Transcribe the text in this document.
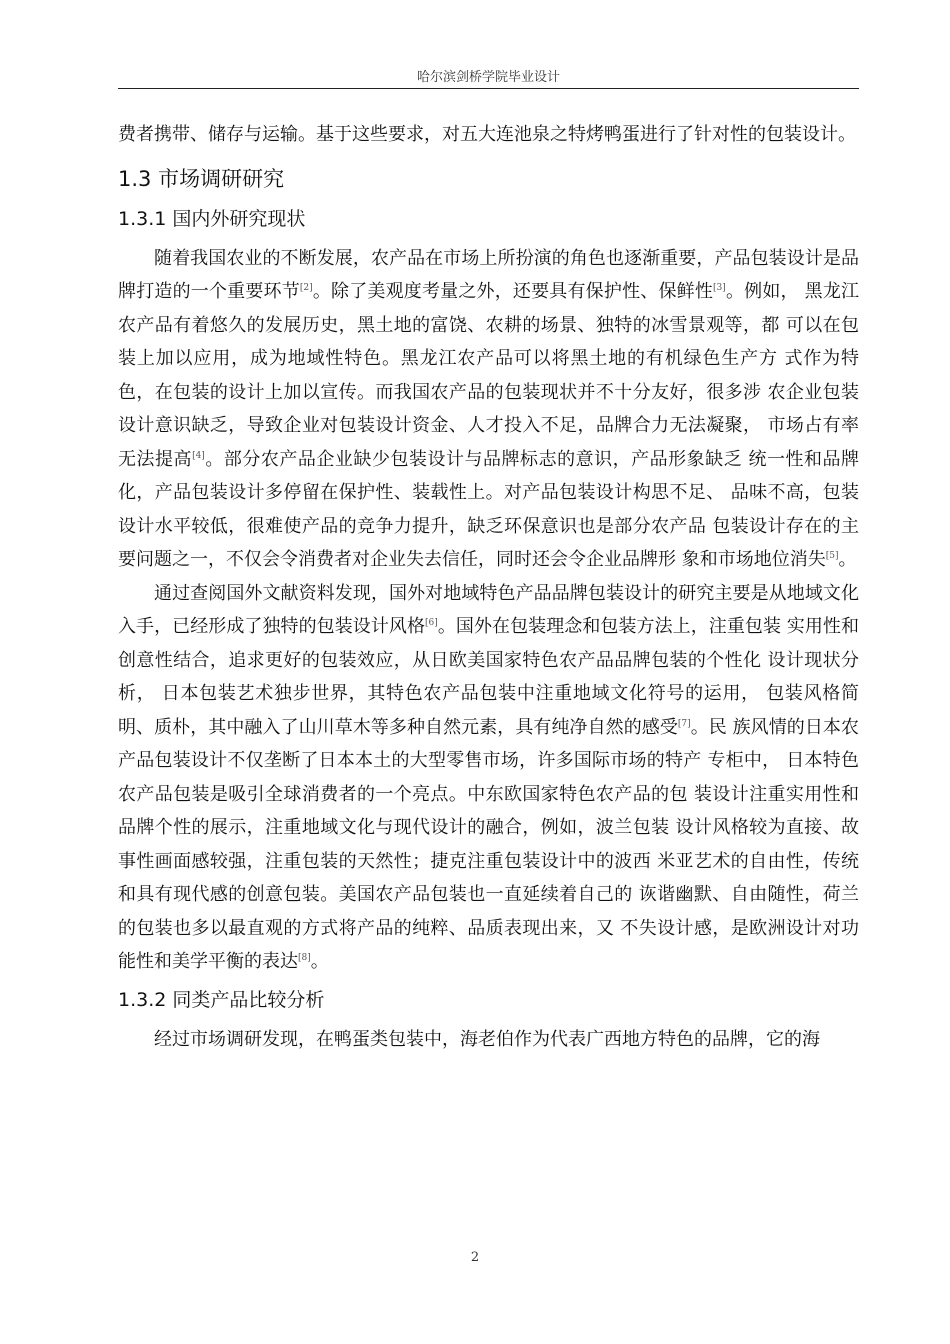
哈尔滨剑桥学院毕业设计

费者携带、储存与运输。基于这些要求，对五大连池泉之特烤鸭蛋进行了针对性的包装设计。

1.3 市场调研研究
1.3.1 国内外研究现状

随着我国农业的不断发展，农产品在市场上所扮演的角色也逐渐重要，产品包装设计是品牌打造的一个重要环节[2]。除了美观度考量之外，还要具有保护性、保鲜性[3]。例如， 黑龙江农产品有着悠久的发展历史，黑土地的富饶、农耕的场景、独特的冰雪景观等，都 可以在包装上加以应用，成为地域性特色。黑龙江农产品可以将黑土地的有机绿色生产方 式作为特色，在包装的设计上加以宣传。而我国农产品的包装现状并不十分友好，很多涉 农企业包装设计意识缺乏，导致企业对包装设计资金、人才投入不足，品牌合力无法凝聚， 市场占有率无法提高[4]。部分农产品企业缺少包装设计与品牌标志的意识，产品形象缺乏 统一性和品牌化，产品包装设计多停留在保护性、装载性上。对产品包装设计构思不足、 品味不高，包装设计水平较低，很难使产品的竞争力提升，缺乏环保意识也是部分农产品 包装设计存在的主要问题之一，不仅会令消费者对企业失去信任，同时还会令企业品牌形 象和市场地位消失[5]。

通过查阅国外文献资料发现，国外对地域特色产品品牌包装设计的研究主要是从地域文化入手，已经形成了独特的包装设计风格[6]。国外在包装理念和包装方法上，注重包装 实用性和创意性结合，追求更好的包装效应，从日欧美国家特色农产品品牌包装的个性化 设计现状分析， 日本包装艺术独步世界，其特色农产品包装中注重地域文化符号的运用， 包装风格简明、质朴，其中融入了山川草木等多种自然元素，具有纯净自然的感受[7]。民 族风情的日本农产品包装设计不仅垄断了日本本土的大型零售市场，许多国际市场的特产 专柜中， 日本特色农产品包装是吸引全球消费者的一个亮点。中东欧国家特色农产品的包 装设计注重实用性和品牌个性的展示，注重地域文化与现代设计的融合，例如，波兰包装 设计风格较为直接、故事性画面感较强，注重包装的天然性；捷克注重包装设计中的波西 米亚艺术的自由性，传统和具有现代感的创意包装。美国农产品包装也一直延续着自己的 诙谐幽默、自由随性，荷兰的包装也多以最直观的方式将产品的纯粹、品质表现出来，又 不失设计感，是欧洲设计对功能性和美学平衡的表达[8]。

1.3.2 同类产品比较分析

经过市场调研发现，在鸭蛋类包装中，海老伯作为代表广西地方特色的品牌，它的海

2
